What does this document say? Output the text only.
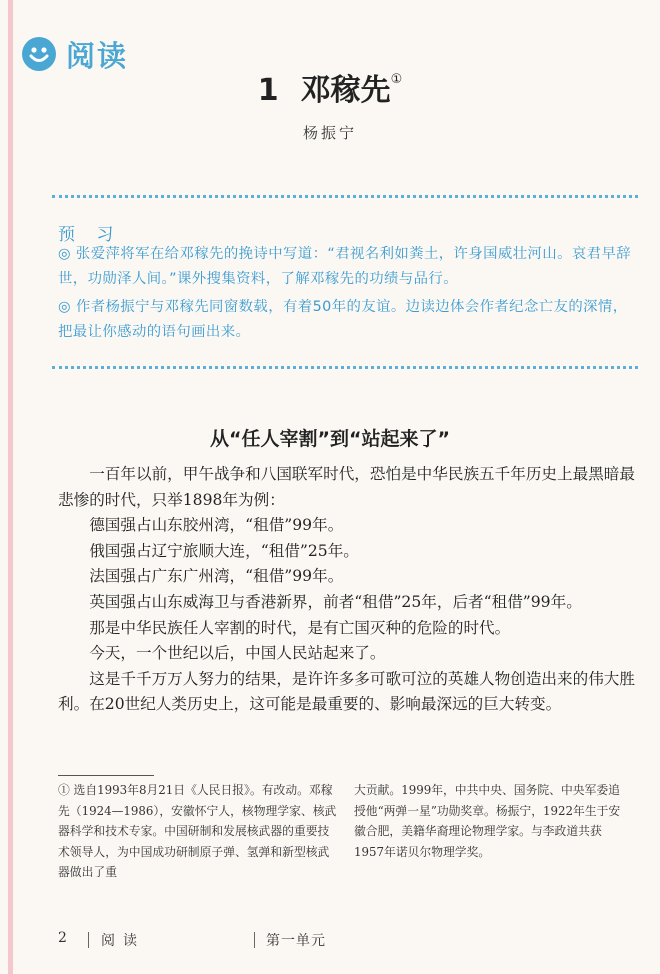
阅读
1 邓稼先①
杨振宁
预 习

◎ 张爱萍将军在给邓稼先的挽诗中写道：“君视名利如粪土，许身国威壮河山。哀君早辞世，功勋泽人间。”课外搜集资料，了解邓稼先的功绩与品行。

◎ 作者杨振宁与邓稼先同窗数载，有着50年的友谊。边读边体会作者纪念亡友的深情，把最让你感动的语句画出来。

从“任人宰割”到“站起来了”

一百年以前，甲午战争和八国联军时代，恐怕是中华民族五千年历史上最黑暗最悲惨的时代，只举1898年为例：

德国强占山东胶州湾，“租借”99年。

俄国强占辽宁旅顺大连，“租借”25年。

法国强占广东广州湾，“租借”99年。

英国强占山东威海卫与香港新界，前者“租借”25年，后者“租借”99年。

那是中华民族任人宰割的时代，是有亡国灭种的危险的时代。

今天，一个世纪以后，中国人民站起来了。

这是千千万万人努力的结果，是许许多多可歌可泣的英雄人物创造出来的伟大胜利。在20世纪人类历史上，这可能是最重要的、影响最深远的巨大转变。

① 选自1993年8月21日《人民日报》。有改动。邓稼先（1924—1986），安徽怀宁人，核物理学家、核武器科学和技术专家。中国研制和发展核武器的重要技术领导人，为中国成功研制原子弹、氢弹和新型核武器做出了重
大贡献。1999年，中共中央、国务院、中央军委追授他“两弹一星”功勋奖章。杨振宁，1922年生于安徽合肥，美籍华裔理论物理学家。与李政道共获1957年诺贝尔物理学奖。
2 阅读	第一单元
